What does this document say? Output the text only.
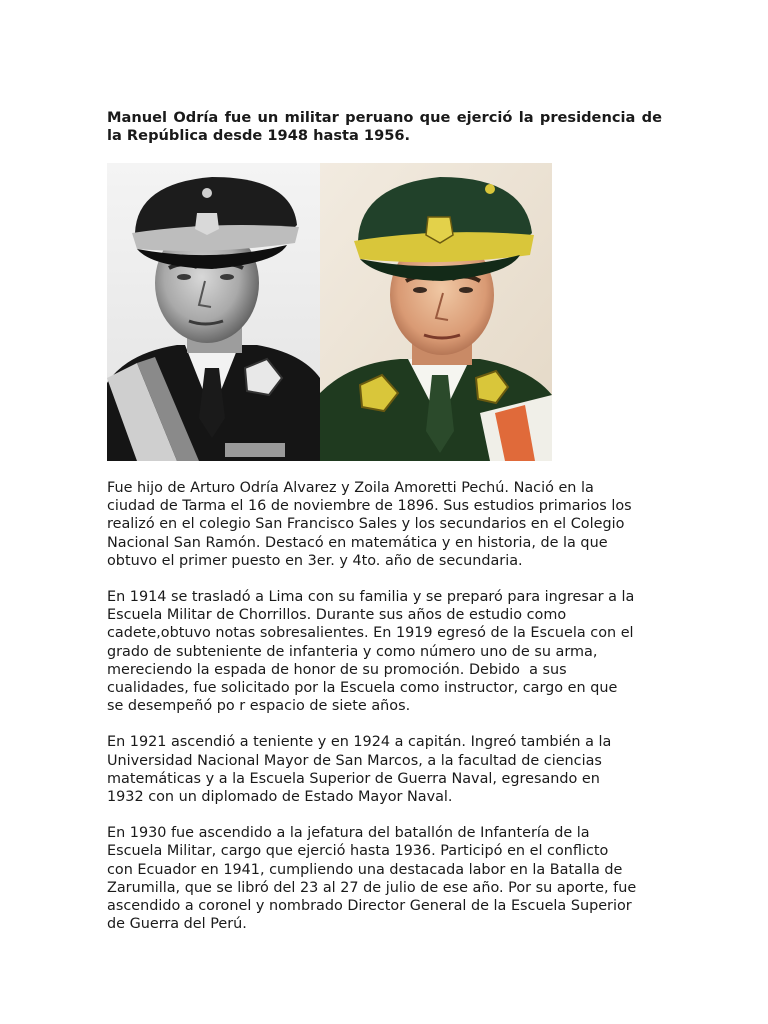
Manuel Odría fue un militar peruano que ejerció la presidencia de la República desde 1948 hasta 1956.

Fue hijo de Arturo Odría Alvarez y Zoila Amoretti Pechú. Nació en la
ciudad de Tarma el 16 de noviembre de 1896. Sus estudios primarios los
realizó en el colegio San Francisco Sales y los secundarios en el Colegio
Nacional San Ramón. Destacó en matemática y en historia, de la que
obtuvo el primer puesto en 3er. y 4to. año de secundaria.

En 1914 se trasladó a Lima con su familia y se preparó para ingresar a la
Escuela Militar de Chorrillos. Durante sus años de estudio como
cadete,obtuvo notas sobresalientes. En 1919 egresó de la Escuela con el
grado de subteniente de infanteria y como número uno de su arma,
mereciendo la espada de honor de su promoción. Debido  a sus
cualidades, fue solicitado por la Escuela como instructor, cargo en que
se desempeñó po r espacio de siete años.

En 1921 ascendió a teniente y en 1924 a capitán. Ingreó también a la
Universidad Nacional Mayor de San Marcos, a la facultad de ciencias
matemáticas y a la Escuela Superior de Guerra Naval, egresando en
1932 con un diplomado de Estado Mayor Naval.

En 1930 fue ascendido a la jefatura del batallón de Infantería de la
Escuela Militar, cargo que ejerció hasta 1936. Participó en el conflicto
con Ecuador en 1941, cumpliendo una destacada labor en la Batalla de
Zarumilla, que se libró del 23 al 27 de julio de ese año. Por su aporte, fue
ascendido a coronel y nombrado Director General de la Escuela Superior
de Guerra del Perú.
